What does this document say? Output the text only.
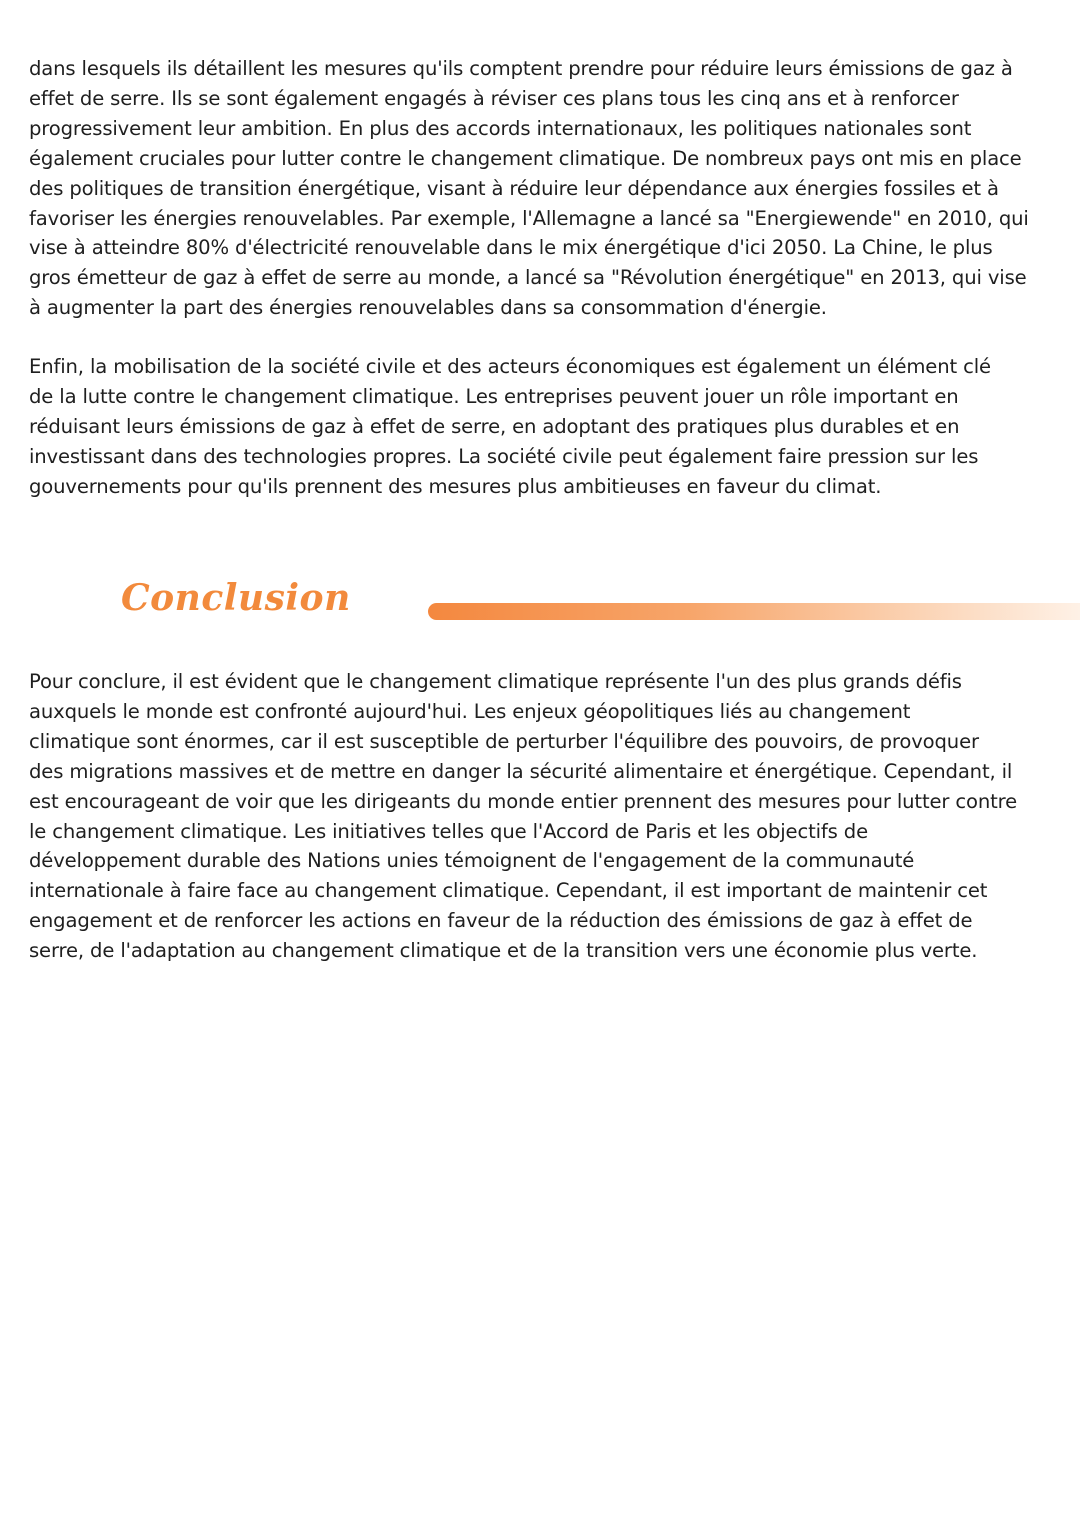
dans lesquels ils détaillent les mesures qu'ils comptent prendre pour réduire leurs émissions de gaz à
effet de serre. Ils se sont également engagés à réviser ces plans tous les cinq ans et à renforcer
progressivement leur ambition. En plus des accords internationaux, les politiques nationales sont
également cruciales pour lutter contre le changement climatique. De nombreux pays ont mis en place
des politiques de transition énergétique, visant à réduire leur dépendance aux énergies fossiles et à
favoriser les énergies renouvelables. Par exemple, l'Allemagne a lancé sa "Energiewende" en 2010, qui
vise à atteindre 80% d'électricité renouvelable dans le mix énergétique d'ici 2050. La Chine, le plus
gros émetteur de gaz à effet de serre au monde, a lancé sa "Révolution énergétique" en 2013, qui vise
à augmenter la part des énergies renouvelables dans sa consommation d'énergie.

Enfin, la mobilisation de la société civile et des acteurs économiques est également un élément clé
de la lutte contre le changement climatique. Les entreprises peuvent jouer un rôle important en
réduisant leurs émissions de gaz à effet de serre, en adoptant des pratiques plus durables et en
investissant dans des technologies propres. La société civile peut également faire pression sur les
gouvernements pour qu'ils prennent des mesures plus ambitieuses en faveur du climat.

Conclusion

Pour conclure, il est évident que le changement climatique représente l'un des plus grands défis
auxquels le monde est confronté aujourd'hui. Les enjeux géopolitiques liés au changement
climatique sont énormes, car il est susceptible de perturber l'équilibre des pouvoirs, de provoquer
des migrations massives et de mettre en danger la sécurité alimentaire et énergétique. Cependant, il
est encourageant de voir que les dirigeants du monde entier prennent des mesures pour lutter contre
le changement climatique. Les initiatives telles que l'Accord de Paris et les objectifs de
développement durable des Nations unies témoignent de l'engagement de la communauté
internationale à faire face au changement climatique. Cependant, il est important de maintenir cet
engagement et de renforcer les actions en faveur de la réduction des émissions de gaz à effet de
serre, de l'adaptation au changement climatique et de la transition vers une économie plus verte.
